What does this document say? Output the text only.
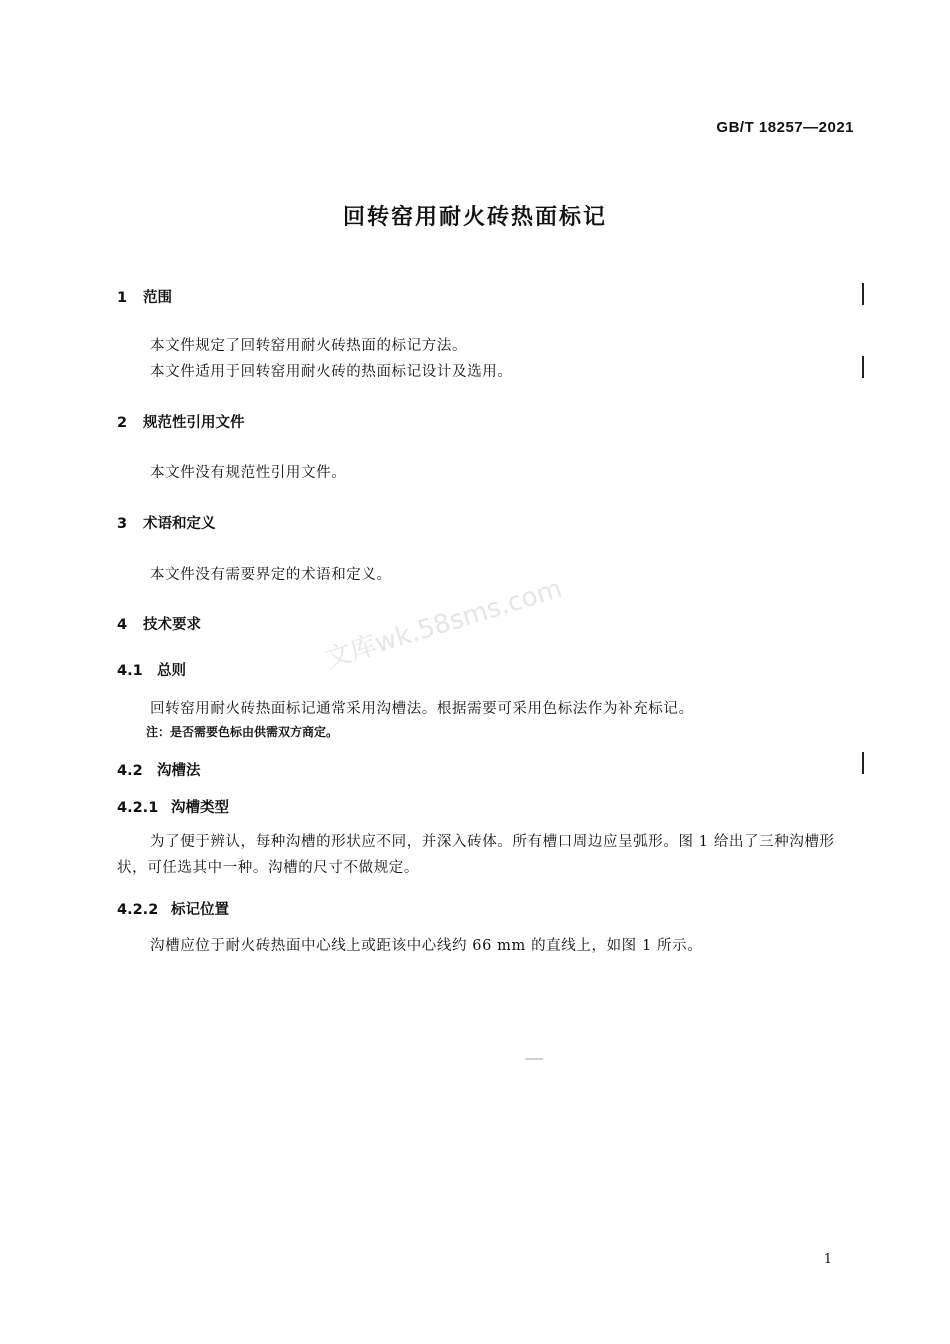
GB/T 18257—2021
回转窑用耐火砖热面标记
1 范围
本文件规定了回转窑用耐火砖热面的标记方法。
本文件适用于回转窑用耐火砖的热面标记设计及选用。
2 规范性引用文件
本文件没有规范性引用文件。
3 术语和定义
本文件没有需要界定的术语和定义。
4 技术要求
4.1 总则
回转窑用耐火砖热面标记通常采用沟槽法。根据需要可采用色标法作为补充标记。
注：是否需要色标由供需双方商定。
4.2 沟槽法
4.2.1 沟槽类型
为了便于辨认，每种沟槽的形状应不同，并深入砖体。所有槽口周边应呈弧形。图 1 给出了三种沟槽形状，可任选其中一种。沟槽的尺寸不做规定。
4.2.2 标记位置
沟槽应位于耐火砖热面中心线上或距该中心线约 66 mm 的直线上，如图 1 所示。
文库wk.58sms.com
1
